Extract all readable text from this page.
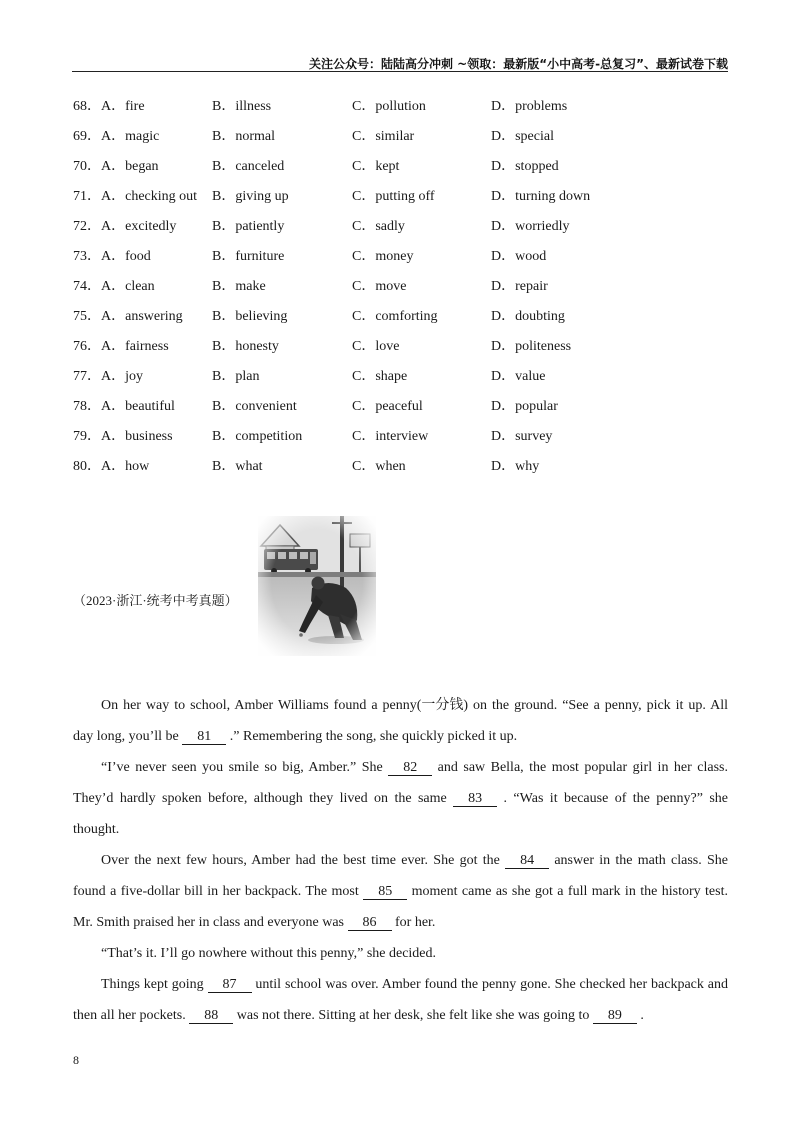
关注公众号：陆陆高分冲刺 ~领取：最新版“小中高考-总复习”、最新试卷下载
68． A．fire	B．illness	C．pollution	D．problems
69． A．magic	B．normal	C．similar	D．special
70． A．began	B．canceled	C．kept	D．stopped
71． A．checking out B．giving up	C．putting off	D．turning down
72． A．excitedly	B．patiently	C．sadly	D．worriedly
73． A．food	B．furniture	C．money	D．wood
74． A．clean	B．make	C．move	D．repair
75． A．answering B．believing	C．comforting	D．doubting
76． A．fairness	B．honesty	C．love	D．politeness
77． A．joy	B．plan	C．shape	D．value
78． A．beautiful	B．convenient	C．peaceful	D．popular
79． A．business	B．competition	C．interview	D．survey
80． A．how	B．what	C．when	D．why
（2023·浙江·统考中考真题）
On her way to school, Amber Williams found a penny(一分钱) on the ground. “See a penny, pick it up. All
day long, you’ll be 81 .” Remembering the song, she quickly picked it up.
“I’ve never seen you smile so big, Amber.” She 82 and saw Bella, the most popular girl in her class.
They’d hardly spoken before, although they lived on the same 83 . “Was it because of the penny?” she
thought.
Over the next few hours, Amber had the best time ever. She got the 84 answer in the math class. She
found a five-dollar bill in her backpack. The most 85 moment came as she got a full mark in the history test.
Mr. Smith praised her in class and everyone was 86 for her.
“That’s it. I’ll go nowhere without this penny,” she decided.
Things kept going 87 until school was over. Amber found the penny gone. She checked her backpack and
then all her pockets. 88 was not there. Sitting at her desk, she felt like she was going to 89 .
8
